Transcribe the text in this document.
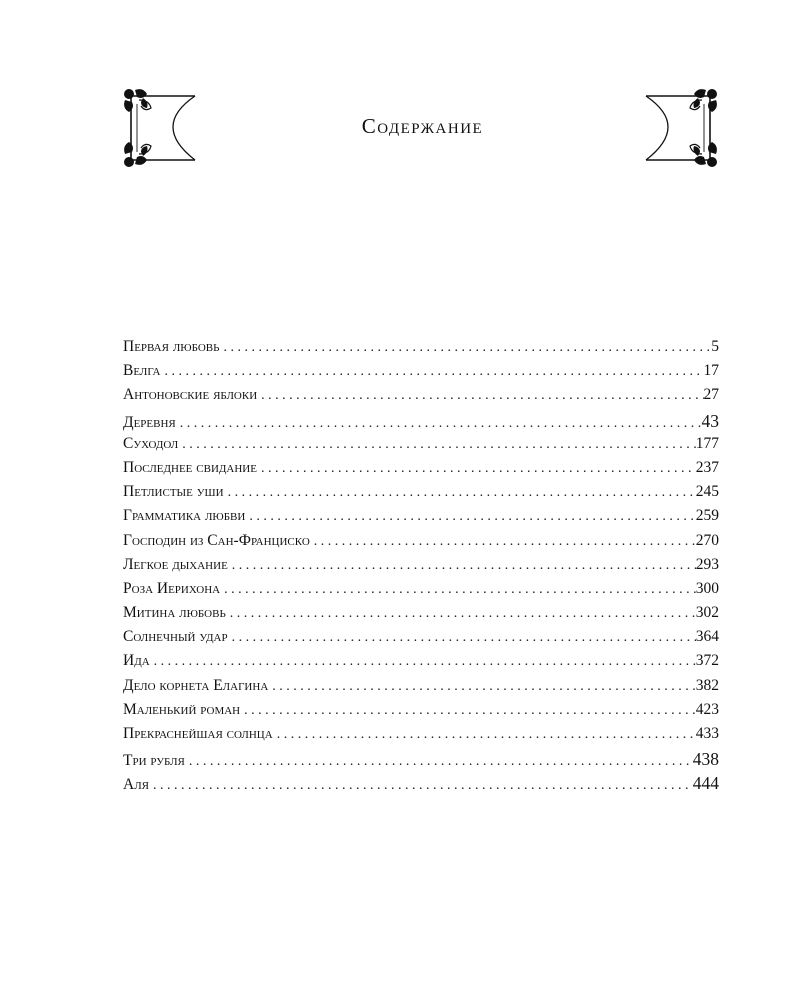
Содержание
Первая любовь . . .	5
Велга . . .	17
Антоновские яблоки . . .	27
Деревня . . .	43
Суходол . . .	177
Последнее свидание . . .	237
Петлистые уши . . .	245
Грамматика любви . . .	259
Господин из Сан-Франциско . . .	270
Легкое дыхание . . .	293
Роза Иерихона . . .	300
Митина любовь . . .	302
Солнечный удар . . .	364
Ида . . .	372
Дело корнета Елагина . . .	382
Маленький роман . . .	423
Прекраснейшая солнца . . .	433
Три рубля . . .	438
Аля . . .	444
